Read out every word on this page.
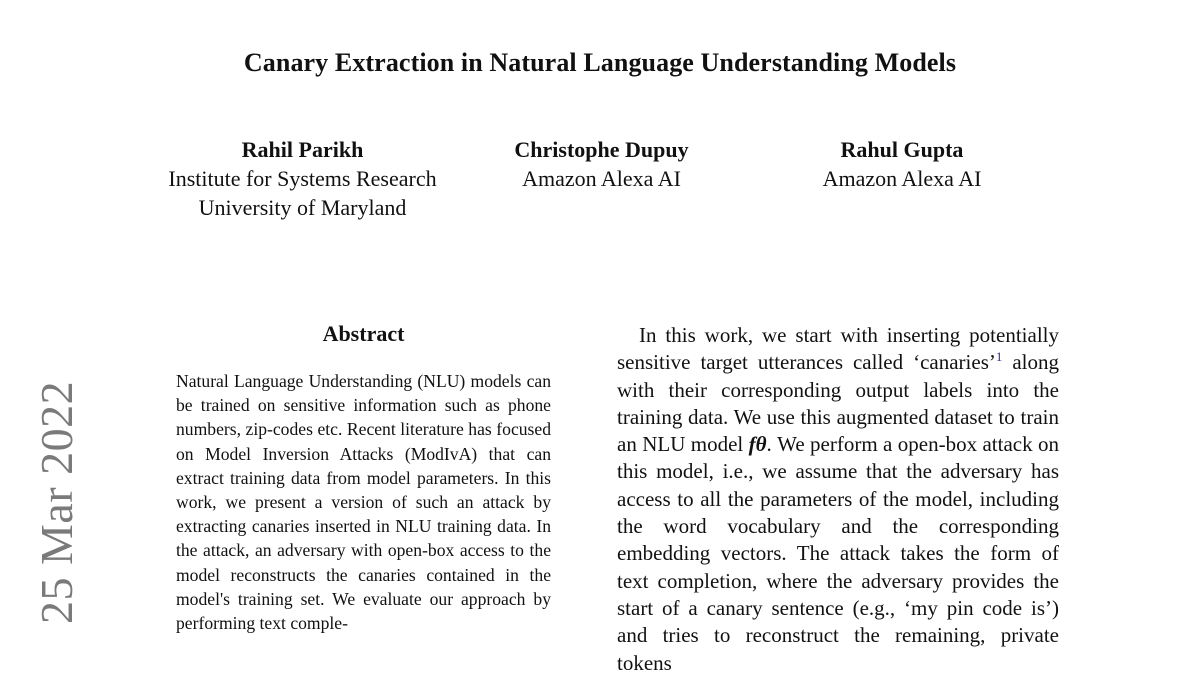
Canary Extraction in Natural Language Understanding Models
Rahil Parikh
Institute for Systems Research
University of Maryland
Christophe Dupuy
Amazon Alexa AI
Rahul Gupta
Amazon Alexa AI
25 Mar 2022
Abstract
Natural Language Understanding (NLU) models can be trained on sensitive information such as phone numbers, zip-codes etc. Recent literature has focused on Model Inversion Attacks (ModIvA) that can extract training data from model parameters. In this work, we present a version of such an attack by extracting canaries inserted in NLU training data. In the attack, an adversary with open-box access to the model reconstructs the canaries contained in the model's training set. We evaluate our approach by performing text comple-
In this work, we start with inserting potentially sensitive target utterances called ‘canaries’$^1$ along with their corresponding output labels into the training data. We use this augmented dataset to train an NLU model fθ. We perform a open-box attack on this model, i.e., we assume that the adversary has access to all the parameters of the model, including the word vocabulary and the corresponding embedding vectors. The attack takes the form of text completion, where the adversary provides the start of a canary sentence (e.g., ‘my pin code is’) and tries to reconstruct the remaining, private tokens
